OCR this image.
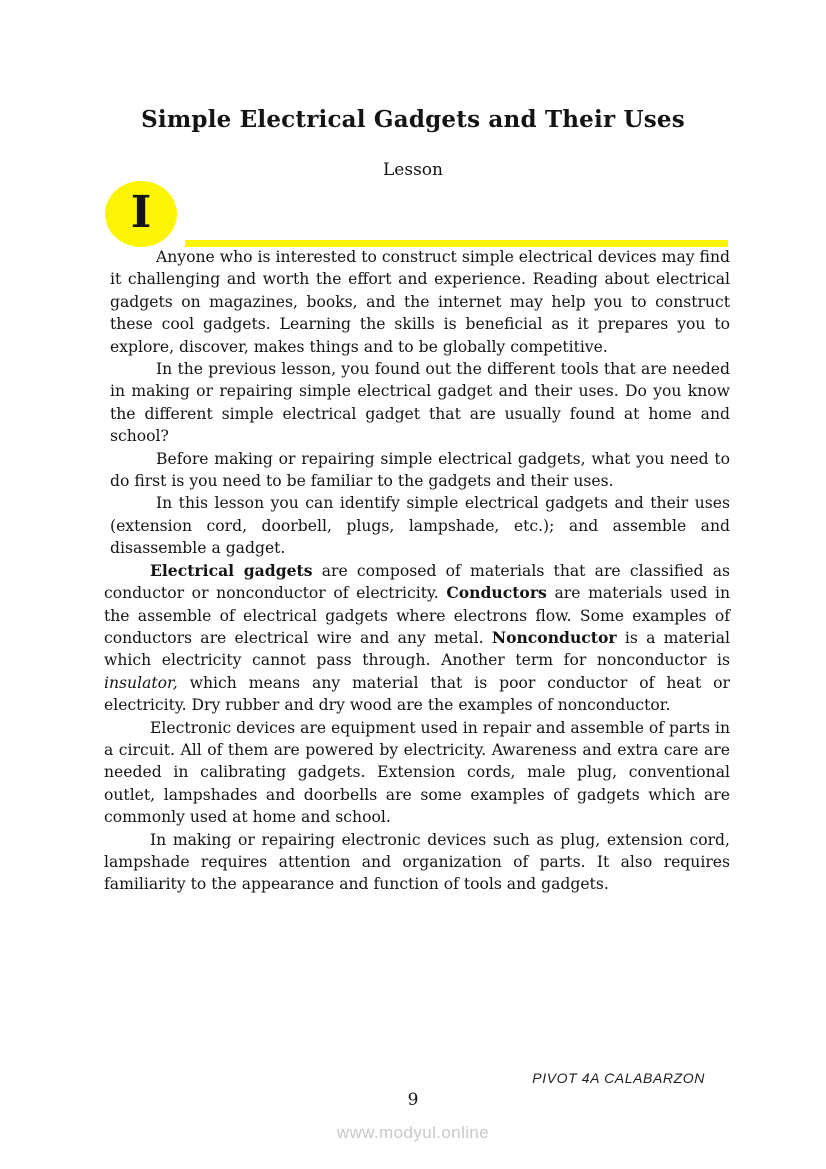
Simple Electrical Gadgets and Their Uses
Lesson
I

Anyone who is interested to construct simple electrical devices may find it challenging and worth the effort and experience. Reading about electrical gadgets on magazines, books, and the internet may help you to construct these cool gadgets. Learning the skills is beneficial as it prepares you to explore, discover, makes things and to be globally competitive.

In the previous lesson, you found out the different tools that are needed in making or repairing simple electrical gadget and their uses. Do you know the different simple electrical gadget that are usually found at home and school?

Before making or repairing simple electrical gadgets, what you need to do first is you need to be familiar to the gadgets and their uses.

In this lesson you can identify simple electrical gadgets and their uses (extension cord, doorbell, plugs, lampshade, etc.); and assemble and disassemble a gadget.

Electrical gadgets are composed of materials that are classified as conductor or nonconductor of electricity. Conductors are materials used in the assemble of electrical gadgets where electrons flow. Some examples of conductors are electrical wire and any metal. Nonconductor is a material which electricity cannot pass through. Another term for nonconductor is insulator, which means any material that is poor conductor of heat or electricity. Dry rubber and dry wood are the examples of nonconductor.

Electronic devices are equipment used in repair and assemble of parts in a circuit. All of them are powered by electricity. Awareness and extra care are needed in calibrating gadgets. Extension cords, male plug, conventional outlet, lampshades and doorbells are some examples of gadgets which are commonly used at home and school.

In making or repairing electronic devices such as plug, extension cord, lampshade requires attention and organization of parts. It also requires familiarity to the appearance and function of tools and gadgets.

PIVOT 4A CALABARZON
9
www.modyul.online
